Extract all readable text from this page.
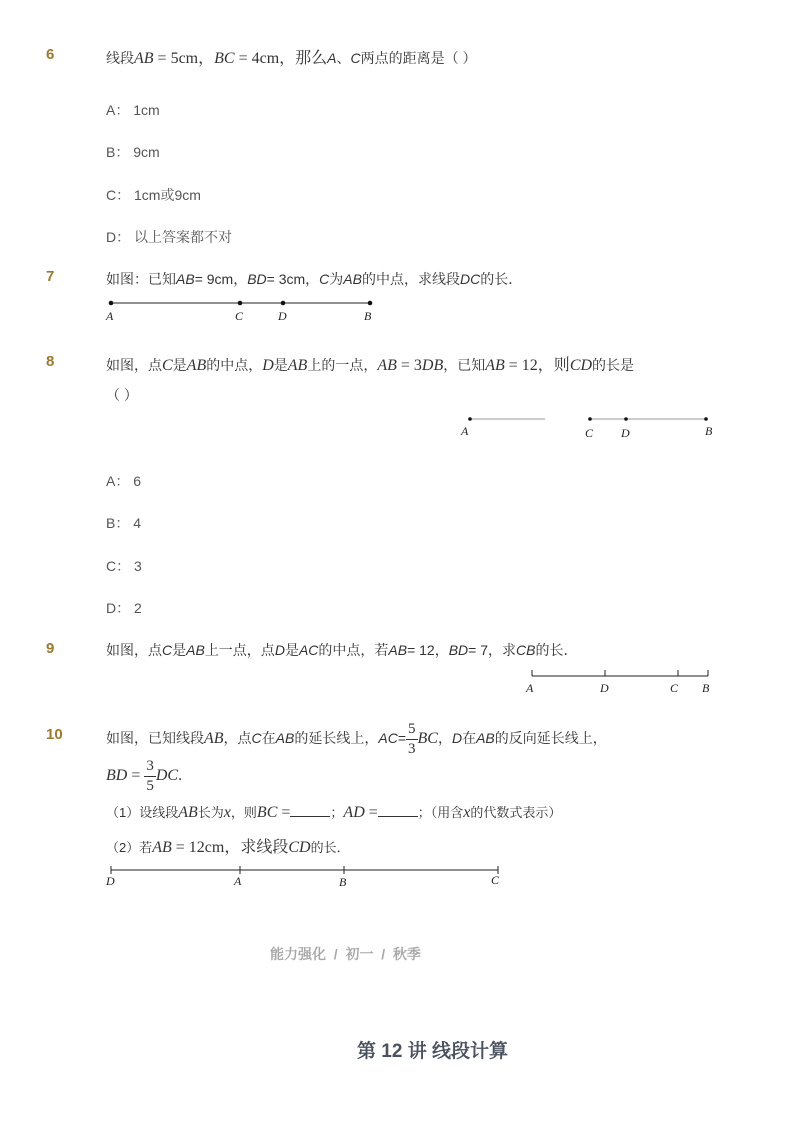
6	线段AB = 5cm，BC = 4cm，那么A、C两点的距离是（ ）
A： 1cm
B： 9cm
C： 1cm或9cm
D： 以上答案都不对
7	如图：已知AB= 9cm，BD= 3cm，C为AB的中点，求线段DC的长．
A	C	D	B
A	C D	B
A	D	C B
D	A	B	C
8	如图，点C是AB的中点，D是AB上的一点，AB = 3DB，已知AB = 12，则CD的长是
（ ）
A： 6
B： 4
C： 3
D： 2
9	如图，点C是AB上一点，点D是AC的中点，若AB= 12，BD= 7，求CB的长．
10	如图，已知线段AB，点C在AB的延长线上，$AC= \frac{5}{3}$ BC，D在AB的反向延长线上，
BD = $\frac{3}{5}$ DC.
（1）设线段AB长为x，则BC =	；AD =	；（用含x的代数式表示）
（2）若AB = 12cm，求线段CD的长．
能力强化 / 初一 / 秋季
第 12 讲 线段计算
